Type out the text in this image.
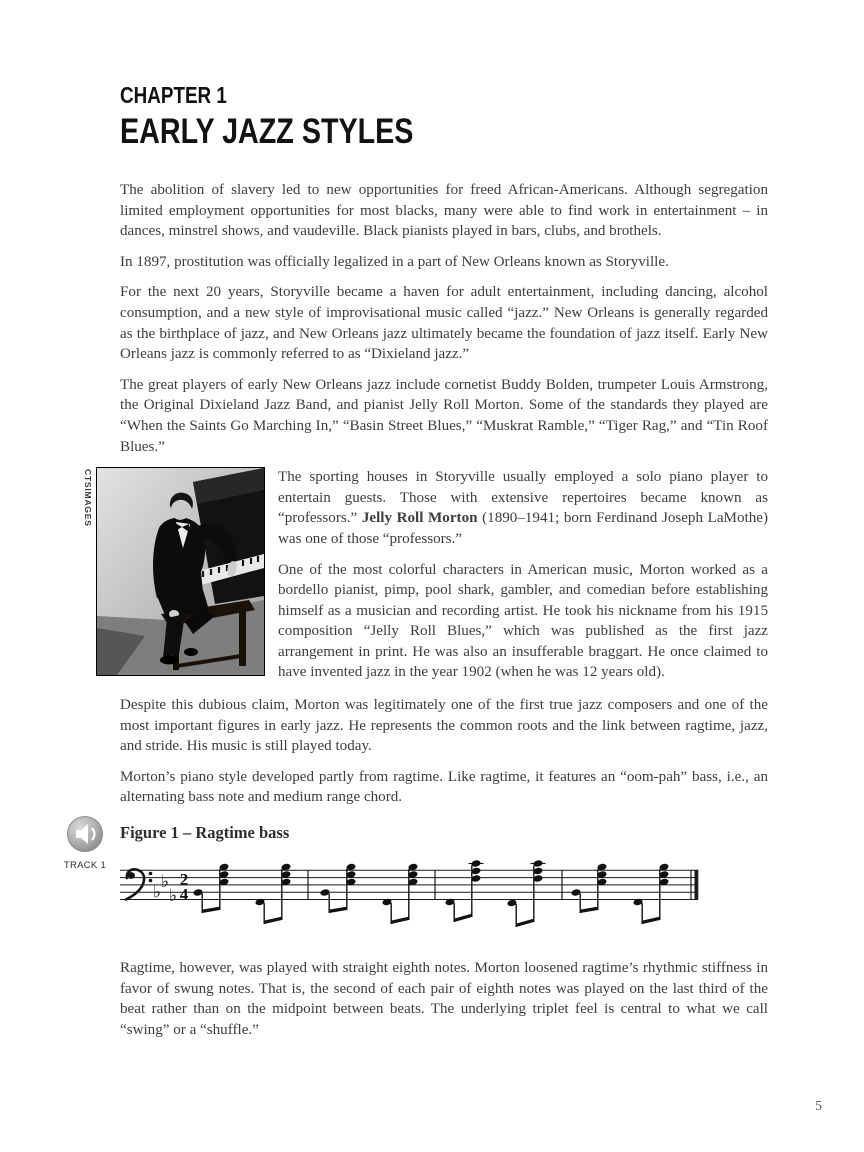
CHAPTER 1
EARLY JAZZ STYLES

The abolition of slavery led to new opportunities for freed African-Americans. Although segregation limited employment opportunities for most blacks, many were able to find work in entertainment – in dances, minstrel shows, and vaudeville. Black pianists played in bars, clubs, and brothels.

In 1897, prostitution was officially legalized in a part of New Orleans known as Storyville.

For the next 20 years, Storyville became a haven for adult entertainment, including dancing, alcohol consumption, and a new style of improvisational music called “jazz.” New Orleans is generally regarded as the birthplace of jazz, and New Orleans jazz ultimately became the foundation of jazz itself. Early New Orleans jazz is commonly referred to as “Dixieland jazz.”

The great players of early New Orleans jazz include cornetist Buddy Bolden, trumpeter Louis Armstrong, the Original Dixieland Jazz Band, and pianist Jelly Roll Morton. Some of the standards they played are “When the Saints Go Marching In,” “Basin Street Blues,” “Muskrat Ramble,” “Tiger Rag,” and “Tin Roof Blues.”

CTSIMAGES	The sporting houses in Storyville usually employed a solo piano player to entertain guests. Those with extensive repertoires became known as “professors.” Jelly Roll Morton (1890–1941; born Ferdinand Joseph LaMothe) was one of those “professors.”

One of the most colorful characters in American music, Morton worked as a bordello pianist, pimp, pool shark, gambler, and comedian before establishing himself as a musician and recording artist. He took his nickname from his 1915 composition “Jelly Roll Blues,” which was published as the first jazz arrangement in print. He was also an insufferable braggart. He once claimed to have invented jazz in the year 1902 (when he was 12 years old).

Despite this dubious claim, Morton was legitimately one of the first true jazz composers and one of the most important figures in early jazz. He represents the common roots and the link between ragtime, jazz, and stride. His music is still played today.

Morton’s piano style developed partly from ragtime. Like ragtime, it features an “oom-pah” bass, i.e., an alternating bass note and medium range chord.

TRACK 1
Figure 1 – Ragtime bass
♭
♭
♭
2
4

Ragtime, however, was played with straight eighth notes. Morton loosened ragtime’s rhythmic stiffness in favor of swung notes. That is, the second of each pair of eighth notes was played on the last third of the beat rather than on the midpoint between beats. The underlying triplet feel is central to what we call “swing” or a “shuffle.”

5
